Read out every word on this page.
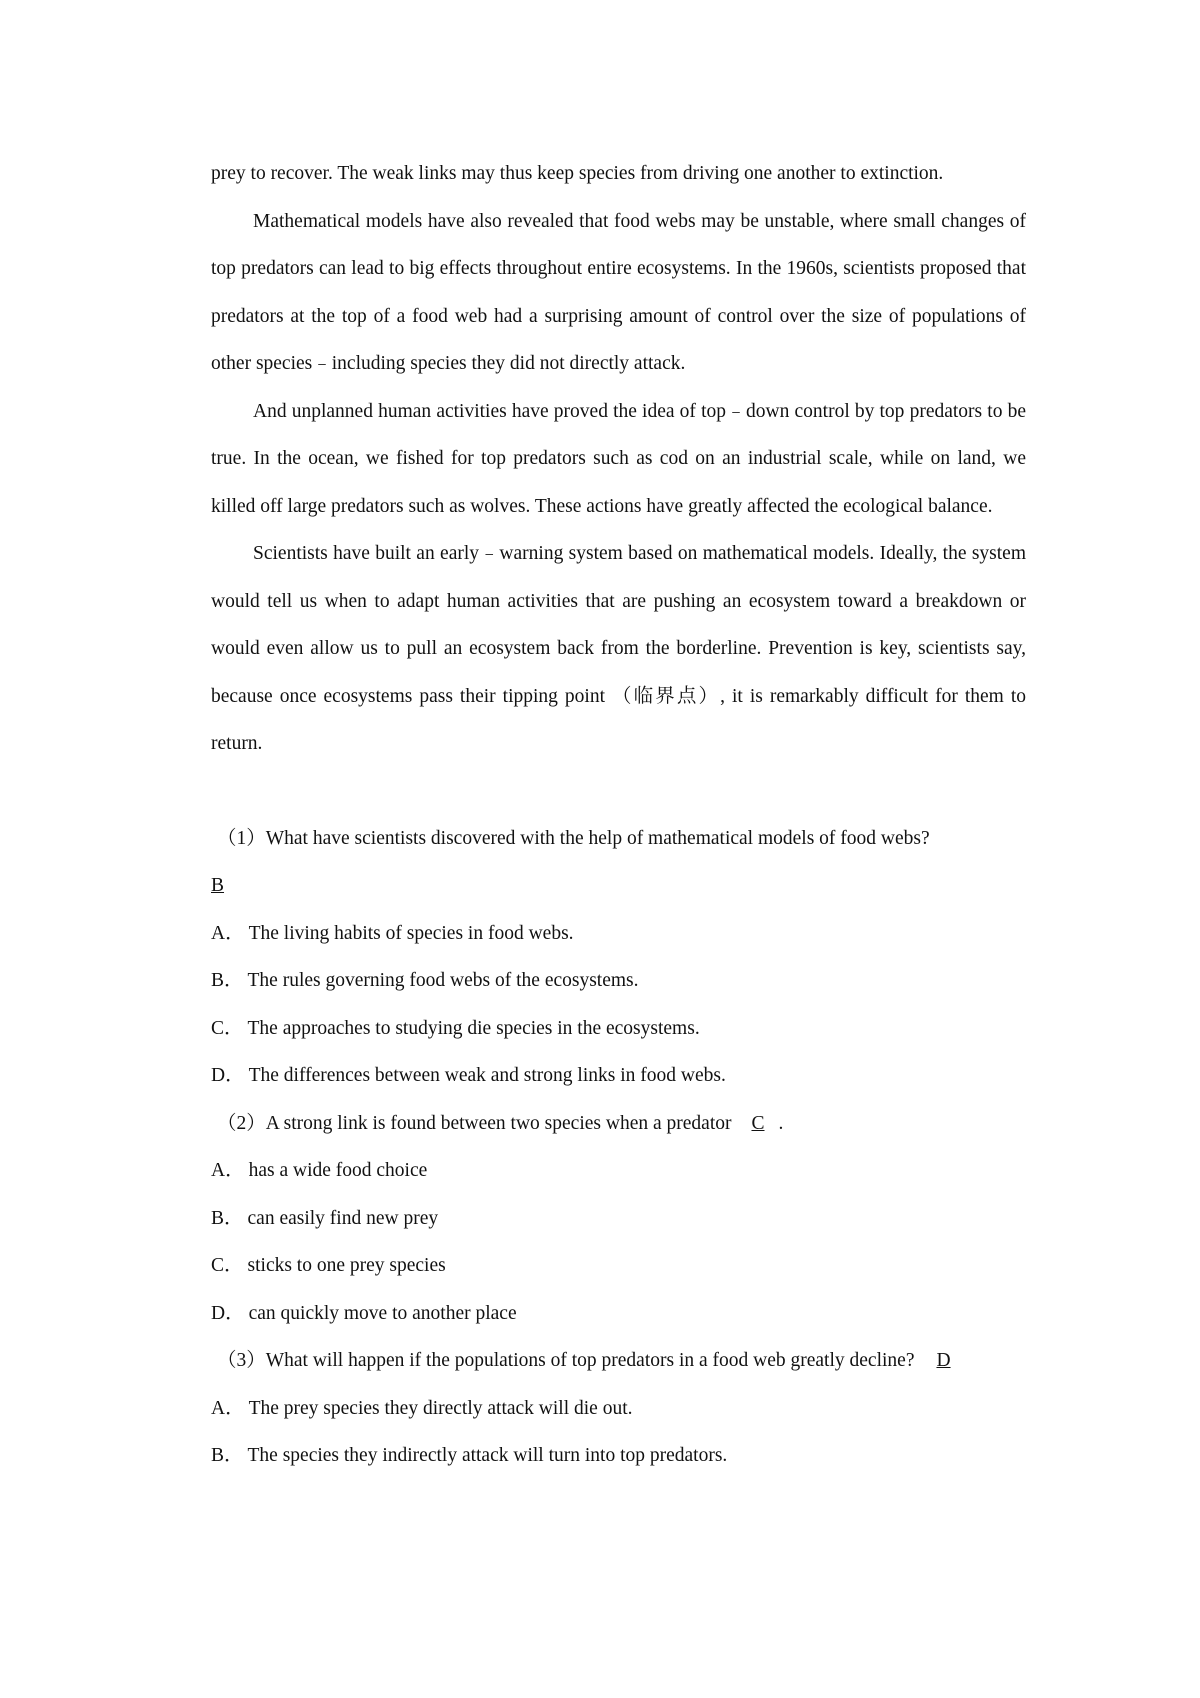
prey to recover. The weak links may thus keep species from driving one another to extinction.

Mathematical models have also revealed that food webs may be unstable, where small changes of top predators can lead to big effects throughout entire ecosystems. In the 1960s, scientists proposed that predators at the top of a food web had a surprising amount of control over the size of populations of other species﹣including species they did not directly attack.

And unplanned human activities have proved the idea of top﹣down control by top predators to be true. In the ocean, we fished for top predators such as cod on an industrial scale, while on land, we killed off large predators such as wolves. These actions have greatly affected the ecological balance.

Scientists have built an early﹣warning system based on mathematical models. Ideally, the system would tell us when to adapt human activities that are pushing an ecosystem toward a breakdown or would even allow us to pull an ecosystem back from the borderline. Prevention is key, scientists say, because once ecosystems pass their tipping point （临界点）, it is remarkably difficult for them to return.

（1）What have scientists discovered with the help of mathematical models of food webs?

B

A． The living habits of species in food webs.

B． The rules governing food webs of the ecosystems.

C． The approaches to studying die species in the ecosystems.

D． The differences between weak and strong links in food webs.

（2）A strong link is found between two species when a predator C .

A． has a wide food choice

B． can easily find new prey

C． sticks to one prey species

D． can quickly move to another place

（3）What will happen if the populations of top predators in a food web greatly decline? D

A． The prey species they directly attack will die out.

B． The species they indirectly attack will turn into top predators.
